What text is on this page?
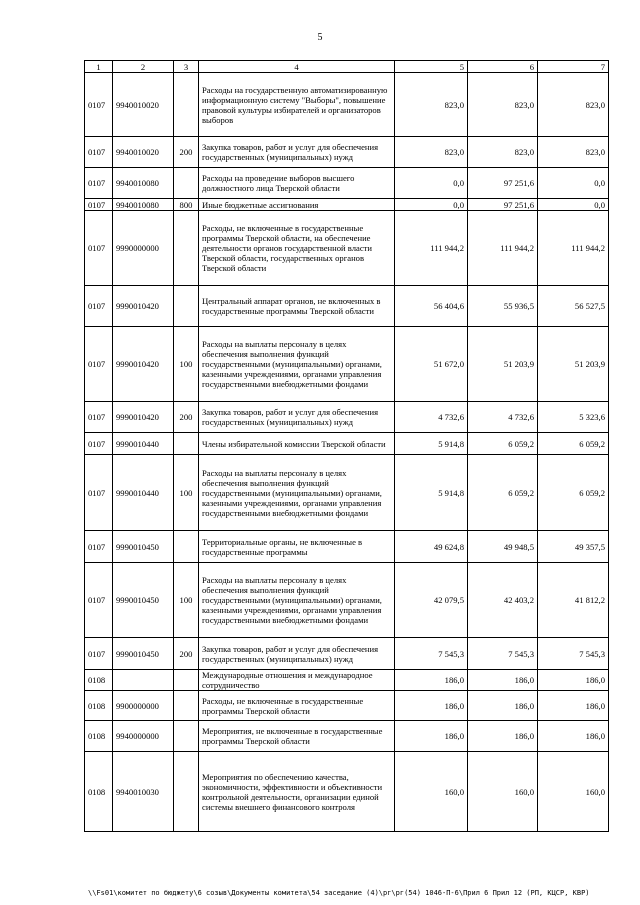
5
1	2	3	4	5	6	7
0107	9940010020		Расходы на государственную автоматизированную информационную систему "Выборы", повышение правовой культуры избирателей и организаторов выборов	823,0	823,0	823,0
0107	9940010020	200	Закупка товаров, работ и услуг для обеспечения государственных (муниципальных) нужд	823,0	823,0	823,0
0107	9940010080		Расходы на проведение выборов высшего должностного лица Тверской области	0,0	97 251,6	0,0
0107	9940010080	800	Иные бюджетные ассигнования	0,0	97 251,6	0,0
0107	9990000000		Расходы, не включенные в государственные программы Тверской области, на обеспечение деятельности органов государственной власти Тверской области, государственных органов Тверской области	111 944,2	111 944,2	111 944,2
0107	9990010420		Центральный аппарат органов, не включенных в государственные программы Тверской области	56 404,6	55 936,5	56 527,5
0107	9990010420	100	Расходы на выплаты персоналу в целях обеспечения выполнения функций государственными (муниципальными) органами, казенными учреждениями, органами управления государственными внебюджетными фондами	51 672,0	51 203,9	51 203,9
0107	9990010420	200	Закупка товаров, работ и услуг для обеспечения государственных (муниципальных) нужд	4 732,6	4 732,6	5 323,6
0107	9990010440		Члены избирательной комиссии Тверской области	5 914,8	6 059,2	6 059,2
0107	9990010440	100	Расходы на выплаты персоналу в целях обеспечения выполнения функций государственными (муниципальными) органами, казенными учреждениями, органами управления государственными внебюджетными фондами	5 914,8	6 059,2	6 059,2
0107	9990010450		Территориальные органы, не включенные в государственные программы	49 624,8	49 948,5	49 357,5
0107	9990010450	100	Расходы на выплаты персоналу в целях обеспечения выполнения функций государственными (муниципальными) органами, казенными учреждениями, органами управления государственными внебюджетными фондами	42 079,5	42 403,2	41 812,2
0107	9990010450	200	Закупка товаров, работ и услуг для обеспечения государственных (муниципальных) нужд	7 545,3	7 545,3	7 545,3
0108			Международные отношения и международное сотрудничество	186,0	186,0	186,0
0108	9900000000		Расходы, не включенные в государственные программы Тверской области	186,0	186,0	186,0
0108	9940000000		Мероприятия, не включенные в государственные программы Тверской области	186,0	186,0	186,0
0108	9940010030		Мероприятия по обеспечению качества, экономичности, эффективности и объективности контрольной деятельности, организации единой системы внешнего финансового контроля	160,0	160,0	160,0
\\Fs01\комитет по бюджету\6 созыв\Документы комитета\54 заседание (4)\рг\рг(54) 1046-П-6\Прил 6 Прил 12 (РП, КЦСР, КВР)
